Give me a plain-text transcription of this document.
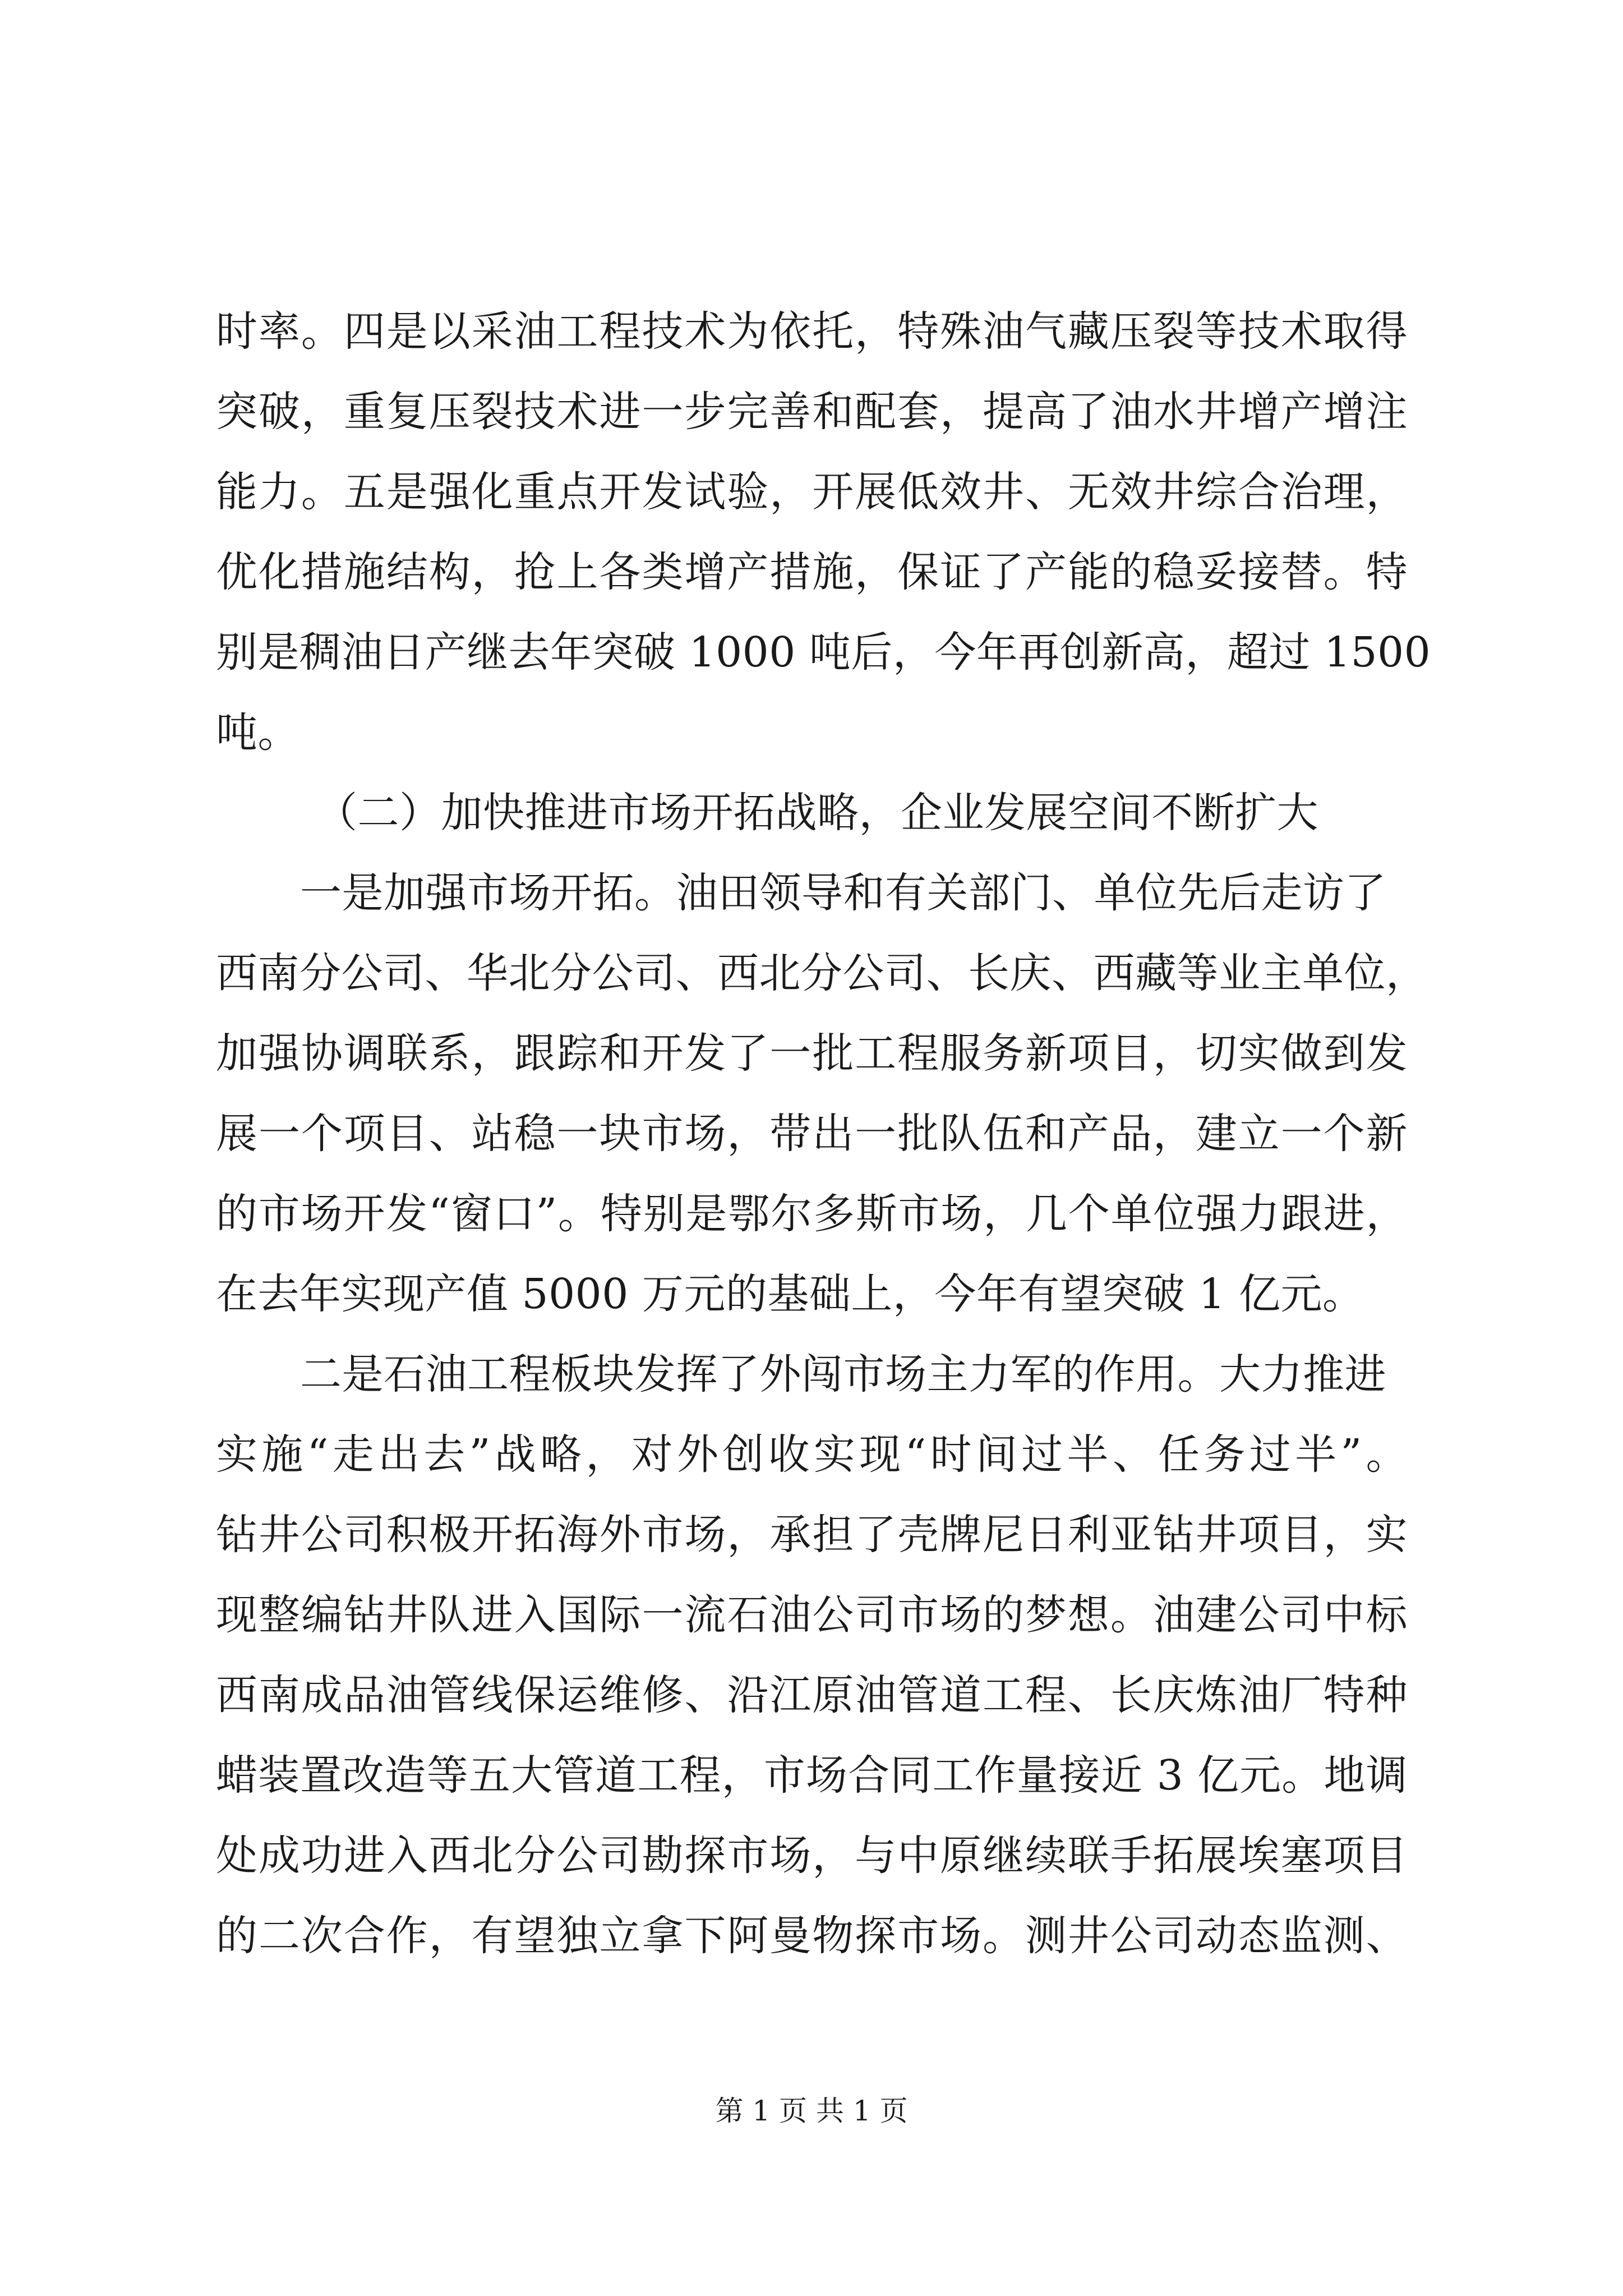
时率。四是以采油工程技术为依托，特殊油气藏压裂等技术取得
突破，重复压裂技术进一步完善和配套，提高了油水井增产增注
能力。五是强化重点开发试验，开展低效井、无效井综合治理，
优化措施结构，抢上各类增产措施，保证了产能的稳妥接替。特
别是稠油日产继去年突破 1000 吨后，今年再创新高，超过 1500
吨。
（二）加快推进市场开拓战略，企业发展空间不断扩大
一是加强市场开拓。油田领导和有关部门、单位先后走访了
西南分公司、华北分公司、西北分公司、长庆、西藏等业主单位，
加强协调联系，跟踪和开发了一批工程服务新项目，切实做到发
展一个项目、站稳一块市场，带出一批队伍和产品，建立一个新
的市场开发“窗口”。特别是鄂尔多斯市场，几个单位强力跟进，
在去年实现产值 5000 万元的基础上，今年有望突破 1 亿元。
二是石油工程板块发挥了外闯市场主力军的作用。大力推进
实施“走出去”战略，对外创收实现“时间过半、任务过半”。
钻井公司积极开拓海外市场，承担了壳牌尼日利亚钻井项目，实
现整编钻井队进入国际一流石油公司市场的梦想。油建公司中标
西南成品油管线保运维修、沿江原油管道工程、长庆炼油厂特种
蜡装置改造等五大管道工程，市场合同工作量接近 3 亿元。地调
处成功进入西北分公司勘探市场，与中原继续联手拓展埃塞项目
的二次合作，有望独立拿下阿曼物探市场。测井公司动态监测、
第 1 页 共 1 页
